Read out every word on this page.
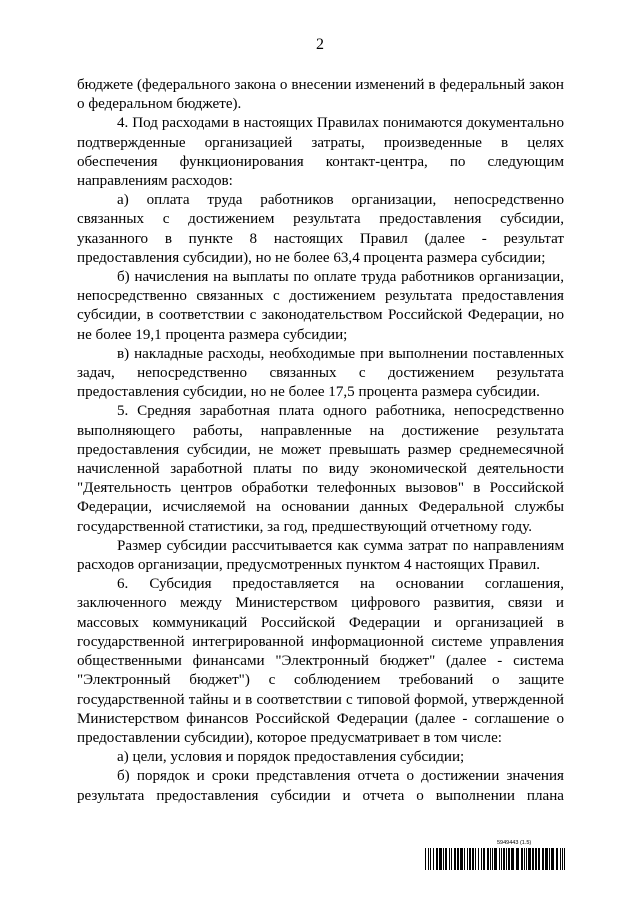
2

бюджете (федерального закона о внесении изменений в федеральный закон о федеральном бюджете).

4. Под расходами в настоящих Правилах понимаются документально подтвержденные организацией затраты, произведенные в целях обеспечения функционирования контакт-центра, по следующим направлениям расходов:

а) оплата труда работников организации, непосредственно связанных с достижением результата предоставления субсидии, указанного в пункте 8 настоящих Правил (далее - результат предоставления субсидии), но не более 63,4 процента размера субсидии;

б) начисления на выплаты по оплате труда работников организации, непосредственно связанных с достижением результата предоставления субсидии, в соответствии с законодательством Российской Федерации, но не более 19,1 процента размера субсидии;

в) накладные расходы, необходимые при выполнении поставленных задач, непосредственно связанных с достижением результата предоставления субсидии, но не более 17,5 процента размера субсидии.

5. Средняя заработная плата одного работника, непосредственно выполняющего работы, направленные на достижение результата предоставления субсидии, не может превышать размер среднемесячной начисленной заработной платы по виду экономической деятельности "Деятельность центров обработки телефонных вызовов" в Российской Федерации, исчисляемой на основании данных Федеральной службы государственной статистики, за год, предшествующий отчетному году.

Размер субсидии рассчитывается как сумма затрат по направлениям расходов организации, предусмотренных пунктом 4 настоящих Правил.

6. Субсидия предоставляется на основании соглашения, заключенного между Министерством цифрового развития, связи и массовых коммуникаций Российской Федерации и организацией в государственной интегрированной информационной системе управления общественными финансами "Электронный бюджет" (далее - система "Электронный бюджет") с соблюдением требований о защите государственной тайны и в соответствии с типовой формой, утвержденной Министерством финансов Российской Федерации (далее - соглашение о предоставлении субсидии), которое предусматривает в том числе:

а) цели, условия и порядок предоставления субсидии;

б) порядок и сроки представления отчета о достижении значения результата предоставления субсидии и отчета о выполнении плана

5949443 (1.5)
